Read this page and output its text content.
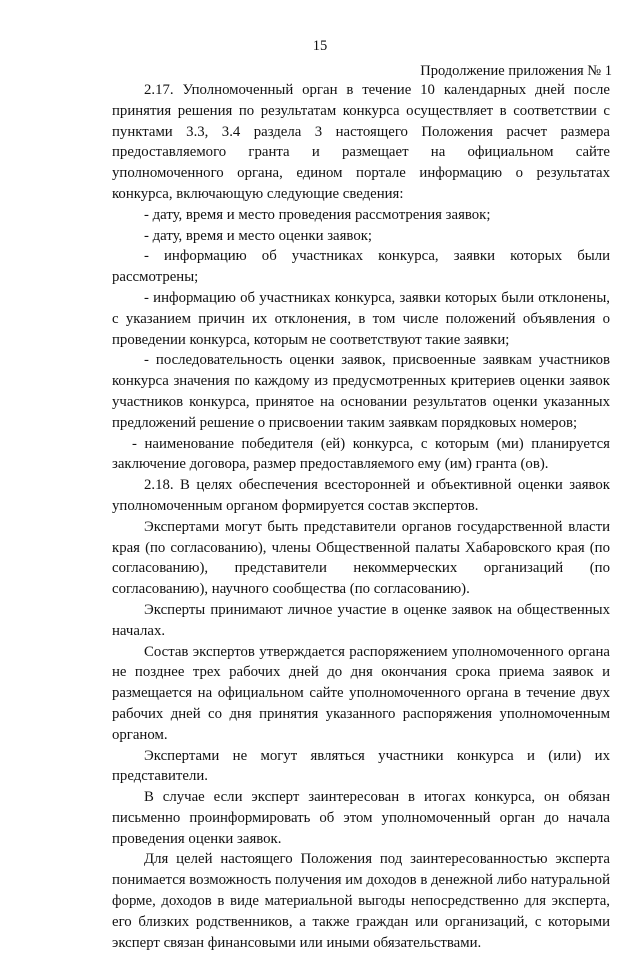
15
Продолжение приложения № 1

2.17. Уполномоченный орган в течение 10 календарных дней после принятия решения по результатам конкурса осуществляет в соответствии с пунктами 3.3, 3.4 раздела 3 настоящего Положения расчет размера предоставляемого гранта и размещает на официальном сайте уполномоченного органа, едином портале информацию о результатах конкурса, включающую следующие сведения:

- дату, время и место проведения рассмотрения заявок;

- дату, время и место оценки заявок;

- информацию об участниках конкурса, заявки которых были рассмотрены;

- информацию об участниках конкурса, заявки которых были отклонены, с указанием причин их отклонения, в том числе положений объявления о проведении конкурса, которым не соответствуют такие заявки;

- последовательность оценки заявок, присвоенные заявкам участников конкурса значения по каждому из предусмотренных критериев оценки заявок участников конкурса, принятое на основании результатов оценки указанных предложений решение о присвоении таким заявкам порядковых номеров;

- наименование победителя (ей) конкурса, с которым (ми) планируется заключение договора, размер предоставляемого ему (им) гранта (ов).

2.18. В целях обеспечения всесторонней и объективной оценки заявок уполномоченным органом формируется состав экспертов.

Экспертами могут быть представители органов государственной власти края (по согласованию), члены Общественной палаты Хабаровского края (по согласованию), представители некоммерческих организаций (по согласованию), научного сообщества (по согласованию).

Эксперты принимают личное участие в оценке заявок на общественных началах.

Состав экспертов утверждается распоряжением уполномоченного органа не позднее трех рабочих дней до дня окончания срока приема заявок и размещается на официальном сайте уполномоченного органа в течение двух рабочих дней со дня принятия указанного распоряжения уполномоченным органом.

Экспертами не могут являться участники конкурса и (или) их представители.

В случае если эксперт заинтересован в итогах конкурса, он обязан письменно проинформировать об этом уполномоченный орган до начала проведения оценки заявок.

Для целей настоящего Положения под заинтересованностью эксперта понимается возможность получения им доходов в денежной либо натуральной форме, доходов в виде материальной выгоды непосредственно для эксперта, его близких родственников, а также граждан или организаций, с которыми эксперт связан финансовыми или иными обязательствами.
